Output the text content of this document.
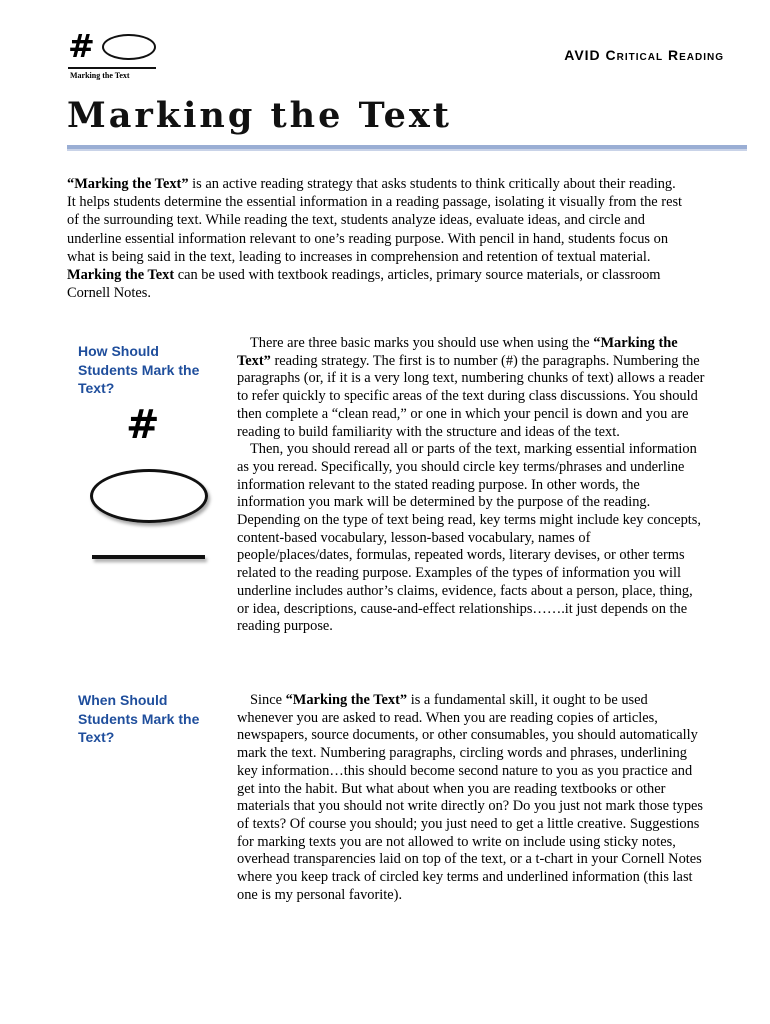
#
Marking the Text
AVID Critical Reading
Marking the Text

“Marking the Text” is an active reading strategy that asks students to think critically about their reading. It helps students determine the essential information in a reading passage, isolating it visually from the rest of the surrounding text. While reading the text, students analyze ideas, evaluate ideas, and circle and underline essential information relevant to one’s reading purpose. With pencil in hand, students focus on what is being said in the text, leading to increases in comprehension and retention of textual material. Marking the Text can be used with textbook readings, articles, primary source materials, or classroom Cornell Notes.

How Should Students Mark the Text?
#

There are three basic marks you should use when using the “Marking the Text” reading strategy. The first is to number (#) the paragraphs. Numbering the paragraphs (or, if it is a very long text, numbering chunks of text) allows a reader to refer quickly to specific areas of the text during class discussions. You should then complete a “clean read,” or one in which your pencil is down and you are reading to build familiarity with the structure and ideas of the text.

Then, you should reread all or parts of the text, marking essential information as you reread. Specifically, you should circle key terms/phrases and underline information relevant to the stated reading purpose. In other words, the information you mark will be determined by the purpose of the reading. Depending on the type of text being read, key terms might include key concepts, content-based vocabulary, lesson-based vocabulary, names of people/places/dates, formulas, repeated words, literary devises, or other terms related to the reading purpose. Examples of the types of information you will underline includes author’s claims, evidence, facts about a person, place, thing, or idea, descriptions, cause-and-effect relationships…….it just depends on the reading purpose.

When Should Students Mark the Text?

Since “Marking the Text” is a fundamental skill, it ought to be used whenever you are asked to read. When you are reading copies of articles, newspapers, source documents, or other consumables, you should automatically mark the text. Numbering paragraphs, circling words and phrases, underlining key information…this should become second nature to you as you practice and get into the habit. But what about when you are reading textbooks or other materials that you should not write directly on? Do you just not mark those types of texts? Of course you should; you just need to get a little creative. Suggestions for marking texts you are not allowed to write on include using sticky notes, overhead transparencies laid on top of the text, or a t-chart in your Cornell Notes where you keep track of circled key terms and underlined information (this last one is my personal favorite).
